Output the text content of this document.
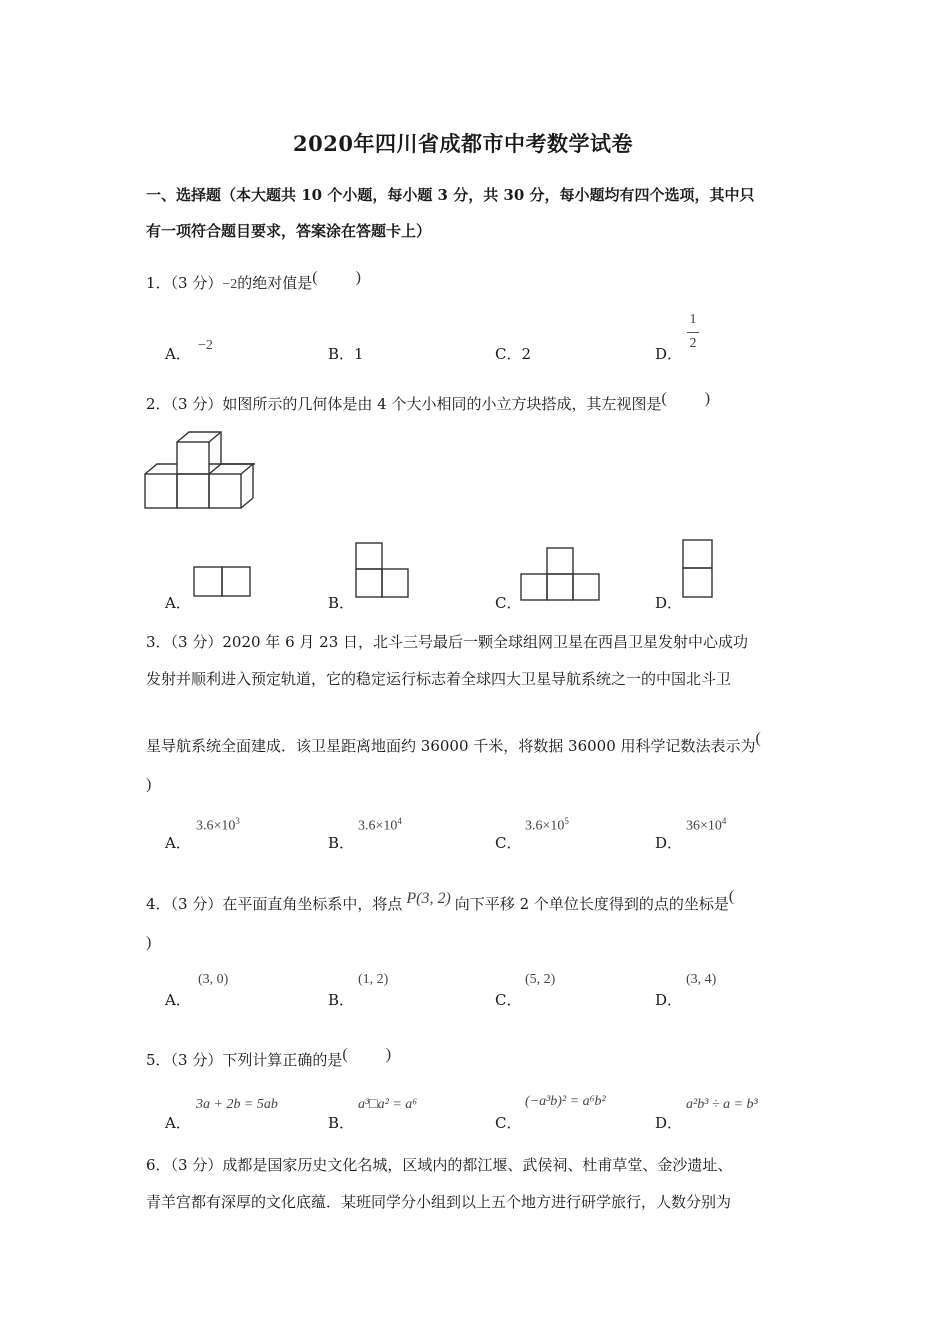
2020年四川省成都市中考数学试卷
一、选择题（本大题共 10 个小题，每小题 3 分，共 30 分，每小题均有四个选项，其中只
有一项符合题目要求，答案涂在答题卡上）
1．（3 分）−2的绝对值是( )
A． −2	B．1	C．2	D．
1
2
2．（3 分）如图所示的几何体是由 4 个大小相同的小立方块搭成，其左视图是( )
A．	B．	C．	D．
3．（3 分）2020 年 6 月 23 日，北斗三号最后一颗全球组网卫星在西昌卫星发射中心成功
发射并顺利进入预定轨道，它的稳定运行标志着全球四大卫星导航系统之一的中国北斗卫
星导航系统全面建成．该卫星距离地面约 36000 千米，将数据 36000 用科学记数法表示为(
)
A．
$3.6\times 10^3$
B．
$3.6\times 10^4$
C．
$3.6\times 10^5$
D．
$36\times 10^4$
4．（3 分）在平面直角坐标系中，将点 P(3, 2) 向下平移 2 个单位长度得到的点的坐标是(
)
A．
(3, 0)
B．
(1, 2)
C．
(5, 2)
D．
(3, 4)
5．（3 分）下列计算正确的是( )
A．
3a + 2b = 5ab
B．
a³□a² = a⁶
C．
(−a³b)² = a⁶b²
D．
a²b³ ÷ a = b³
6．（3 分）成都是国家历史文化名城，区域内的都江堰、武侯祠、杜甫草堂、金沙遗址、
青羊宫都有深厚的文化底蕴．某班同学分小组到以上五个地方进行研学旅行，人数分别为
